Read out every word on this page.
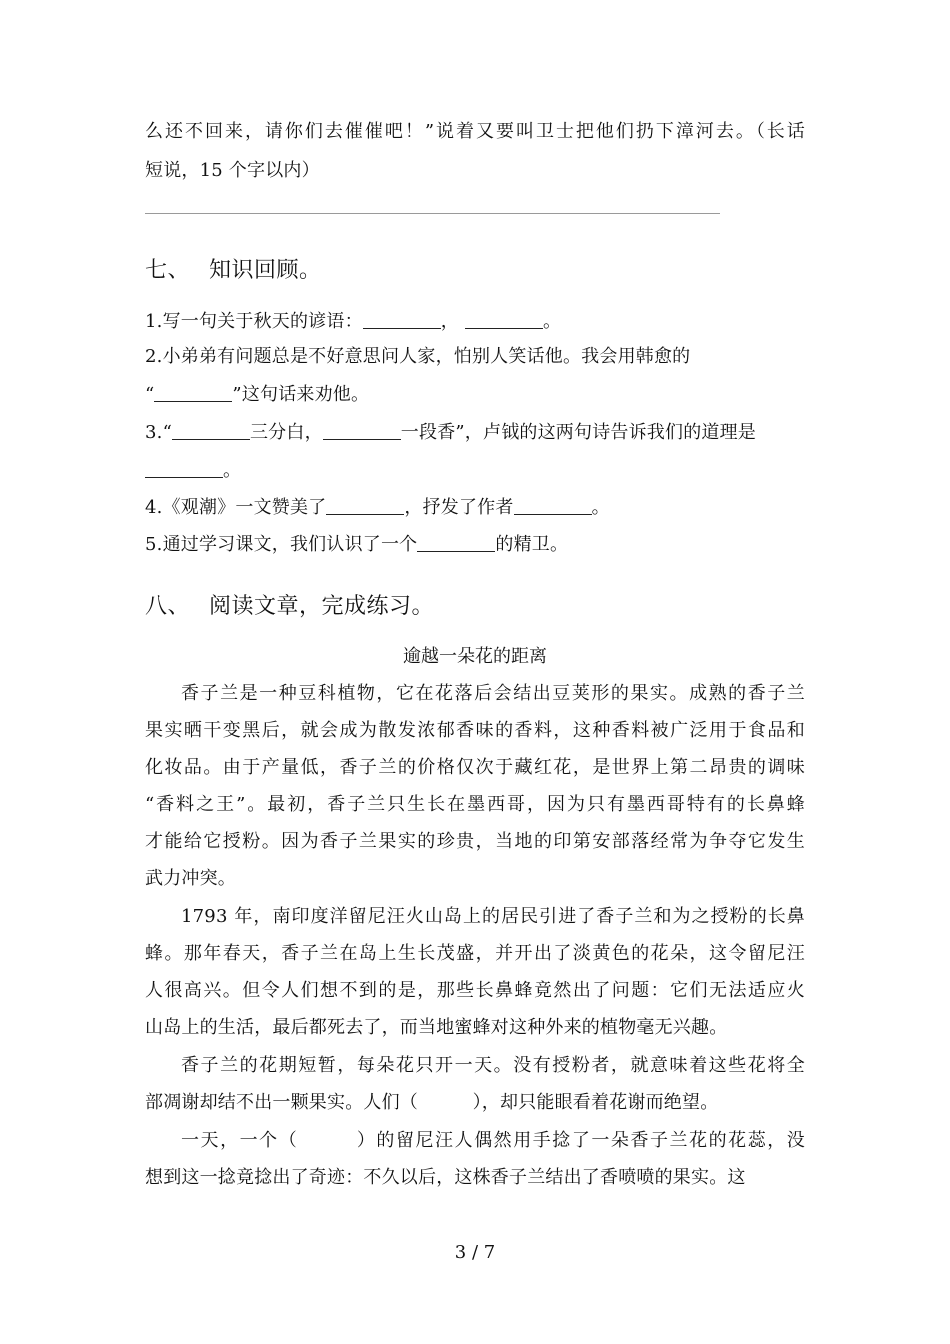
么还不回来，请你们去催催吧！”说着又要叫卫士把他们扔下漳河去。（长话
短说，15 个字以内）
七、 知识回顾。
1.写一句关于秋天的谚语：	，	。
2.小弟弟有问题总是不好意思问人家，怕别人笑话他。我会用韩愈的
“	”这句话来劝他。
3.“	三分白，	一段香”，卢钺的这两句诗告诉我们的道理是
。
4.《观潮》一文赞美了	，抒发了作者	。
5.通过学习课文，我们认识了一个	的精卫。
八、 阅读文章，完成练习。
逾越一朵花的距离
香子兰是一种豆科植物，它在花落后会结出豆荚形的果实。成熟的香子兰
果实晒干变黑后，就会成为散发浓郁香味的香料，这种香料被广泛用于食品和
化妆品。由于产量低，香子兰的价格仅次于藏红花，是世界上第二昂贵的调味
“香料之王”。最初，香子兰只生长在墨西哥，因为只有墨西哥特有的长鼻蜂
才能给它授粉。因为香子兰果实的珍贵，当地的印第安部落经常为争夺它发生
武力冲突。
1793 年，南印度洋留尼汪火山岛上的居民引进了香子兰和为之授粉的长鼻
蜂。那年春天，香子兰在岛上生长茂盛，并开出了淡黄色的花朵，这令留尼汪
人很高兴。但令人们想不到的是，那些长鼻蜂竟然出了问题：它们无法适应火
山岛上的生活，最后都死去了，而当地蜜蜂对这种外来的植物毫无兴趣。
香子兰的花期短暂，每朵花只开一天。没有授粉者，就意味着这些花将全
部凋谢却结不出一颗果实。人们（　　　），却只能眼看着花谢而绝望。
一天，一个（　　　）的留尼汪人偶然用手捻了一朵香子兰花的花蕊，没
想到这一捻竟捻出了奇迹：不久以后，这株香子兰结出了香喷喷的果实。这
3 / 7
